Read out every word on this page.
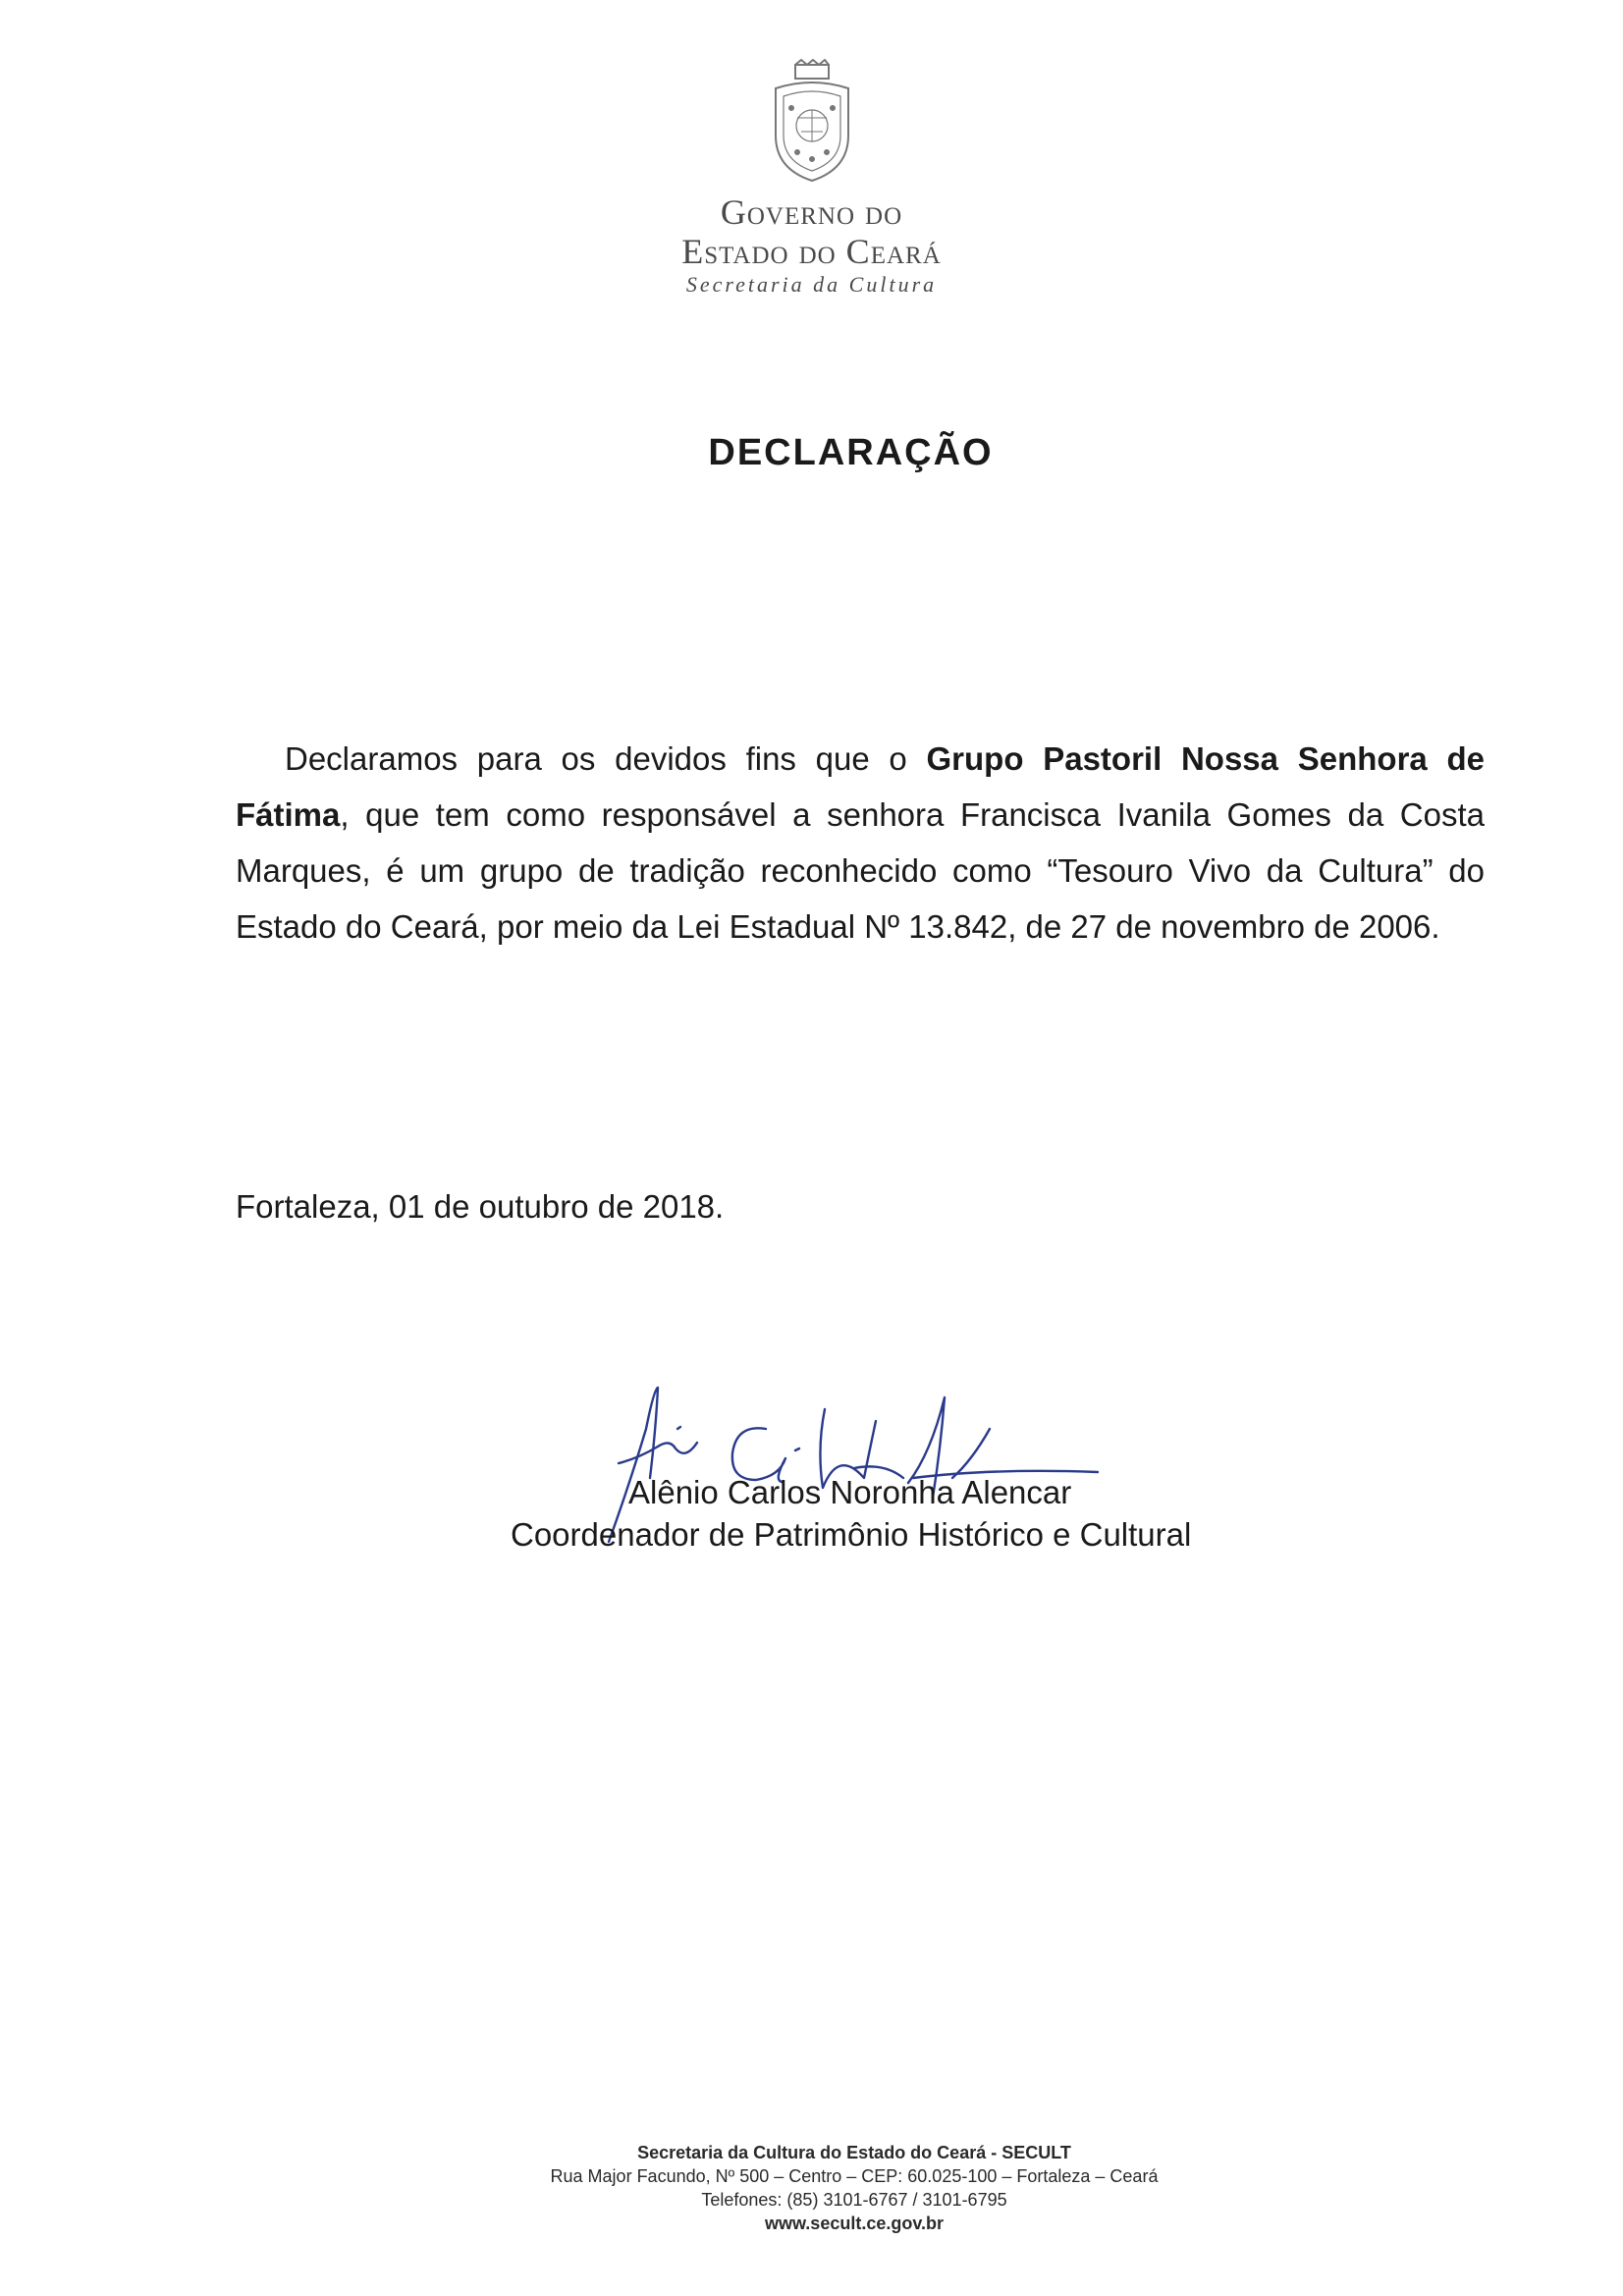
Governo do
Estado do Ceará
Secretaria da Cultura
DECLARAÇÃO

Declaramos para os devidos fins que o Grupo Pastoril Nossa Senhora de Fátima, que tem como responsável a senhora Francisca Ivanila Gomes da Costa Marques, é um grupo de tradição reconhecido como “Tesouro Vivo da Cultura” do Estado do Ceará, por meio da Lei Estadual Nº 13.842, de 27 de novembro de 2006.

Fortaleza, 01 de outubro de 2018.
Alênio Carlos Noronha Alencar
Coordenador de Patrimônio Histórico e Cultural
Secretaria da Cultura do Estado do Ceará - SECULT
Rua Major Facundo, Nº 500 – Centro – CEP: 60.025-100 – Fortaleza – Ceará
Telefones: (85) 3101-6767 / 3101-6795
www.secult.ce.gov.br
